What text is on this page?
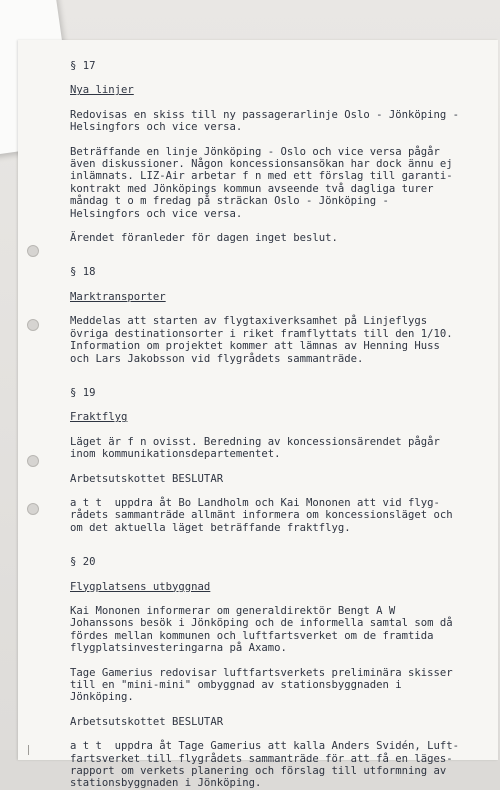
§ 17
Nya linjer
Redovisas en skiss till ny passagerarlinje Oslo - Jönköping -
Helsingfors och vice versa.
Beträffande en linje Jönköping - Oslo och vice versa pågår
även diskussioner. Någon koncessionsansökan har dock ännu ej
inlämnats. LIZ-Air arbetar f n med ett förslag till garanti-
kontrakt med Jönköpings kommun avseende två dagliga turer
måndag t o m fredag på sträckan Oslo - Jönköping -
Helsingfors och vice versa.
Ärendet föranleder för dagen inget beslut.
§ 18
Marktransporter
Meddelas att starten av flygtaxiverksamhet på Linjeflygs
övriga destinationsorter i riket framflyttats till den 1/10.
Information om projektet kommer att lämnas av Henning Huss
och Lars Jakobsson vid flygrådets sammanträde.
§ 19
Fraktflyg
Läget är f n ovisst. Beredning av koncessionsärendet pågår
inom kommunikationsdepartementet.
Arbetsutskottet BESLUTAR
a t t  uppdra åt Bo Landholm och Kai Mononen att vid flyg-
rådets sammanträde allmänt informera om koncessionsläget och
om det aktuella läget beträffande fraktflyg.
§ 20
Flygplatsens utbyggnad
Kai Mononen informerar om generaldirektör Bengt A W
Johanssons besök i Jönköping och de informella samtal som då
fördes mellan kommunen och luftfartsverket om de framtida
flygplatsinvesteringarna på Axamo.
Tage Gamerius redovisar luftfartsverkets preliminära skisser
till en "mini-mini" ombyggnad av stationsbyggnaden i
Jönköping.
Arbetsutskottet BESLUTAR
a t t  uppdra åt Tage Gamerius att kalla Anders Svidén, Luft-
fartsverket till flygrådets sammanträde för att få en läges-
rapport om verkets planering och förslag till utformning av
stationsbyggnaden i Jönköping.
